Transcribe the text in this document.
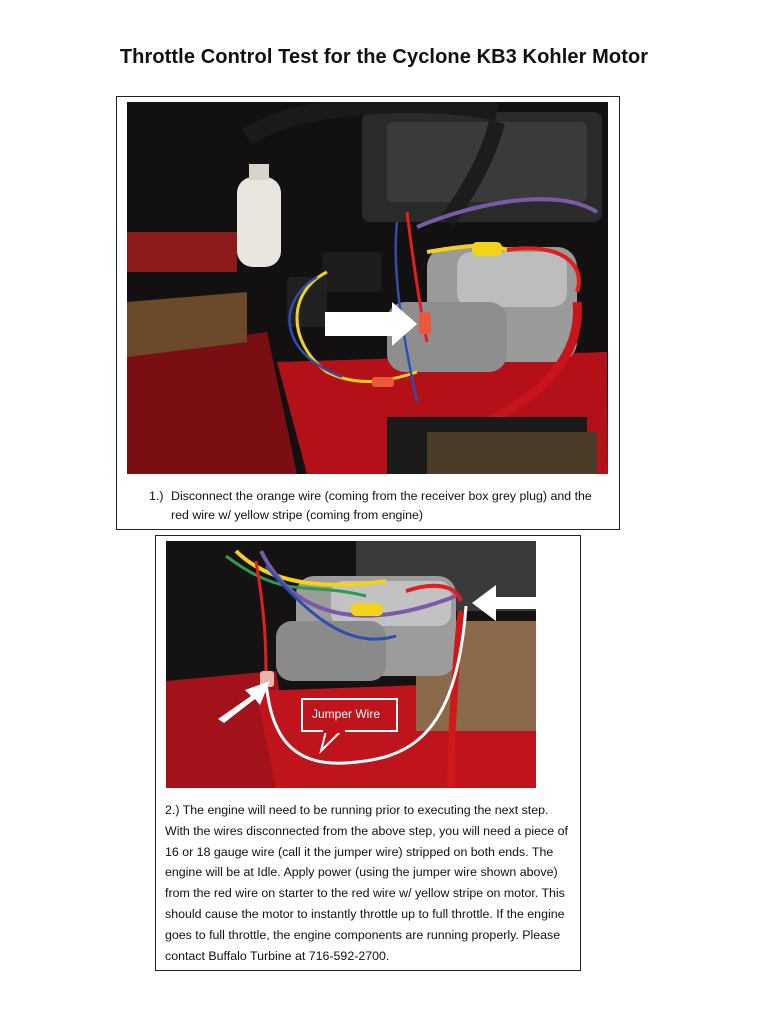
Throttle Control Test for the Cyclone KB3 Kohler Motor
1.) Disconnect the orange wire (coming from the receiver box grey plug) and the red wire w/ yellow stripe (coming from engine)
Jumper Wire
2.) The engine will need to be running prior to executing the next step. With the wires disconnected from the above step, you will need a piece of 16 or 18 gauge wire (call it the jumper wire) stripped on both ends. The engine will be at Idle. Apply power (using the jumper wire shown above) from the red wire on starter to the red wire w/ yellow stripe on motor. This should cause the motor to instantly throttle up to full throttle. If the engine goes to full throttle, the engine components are running properly. Please contact Buffalo Turbine at 716-592-2700.
